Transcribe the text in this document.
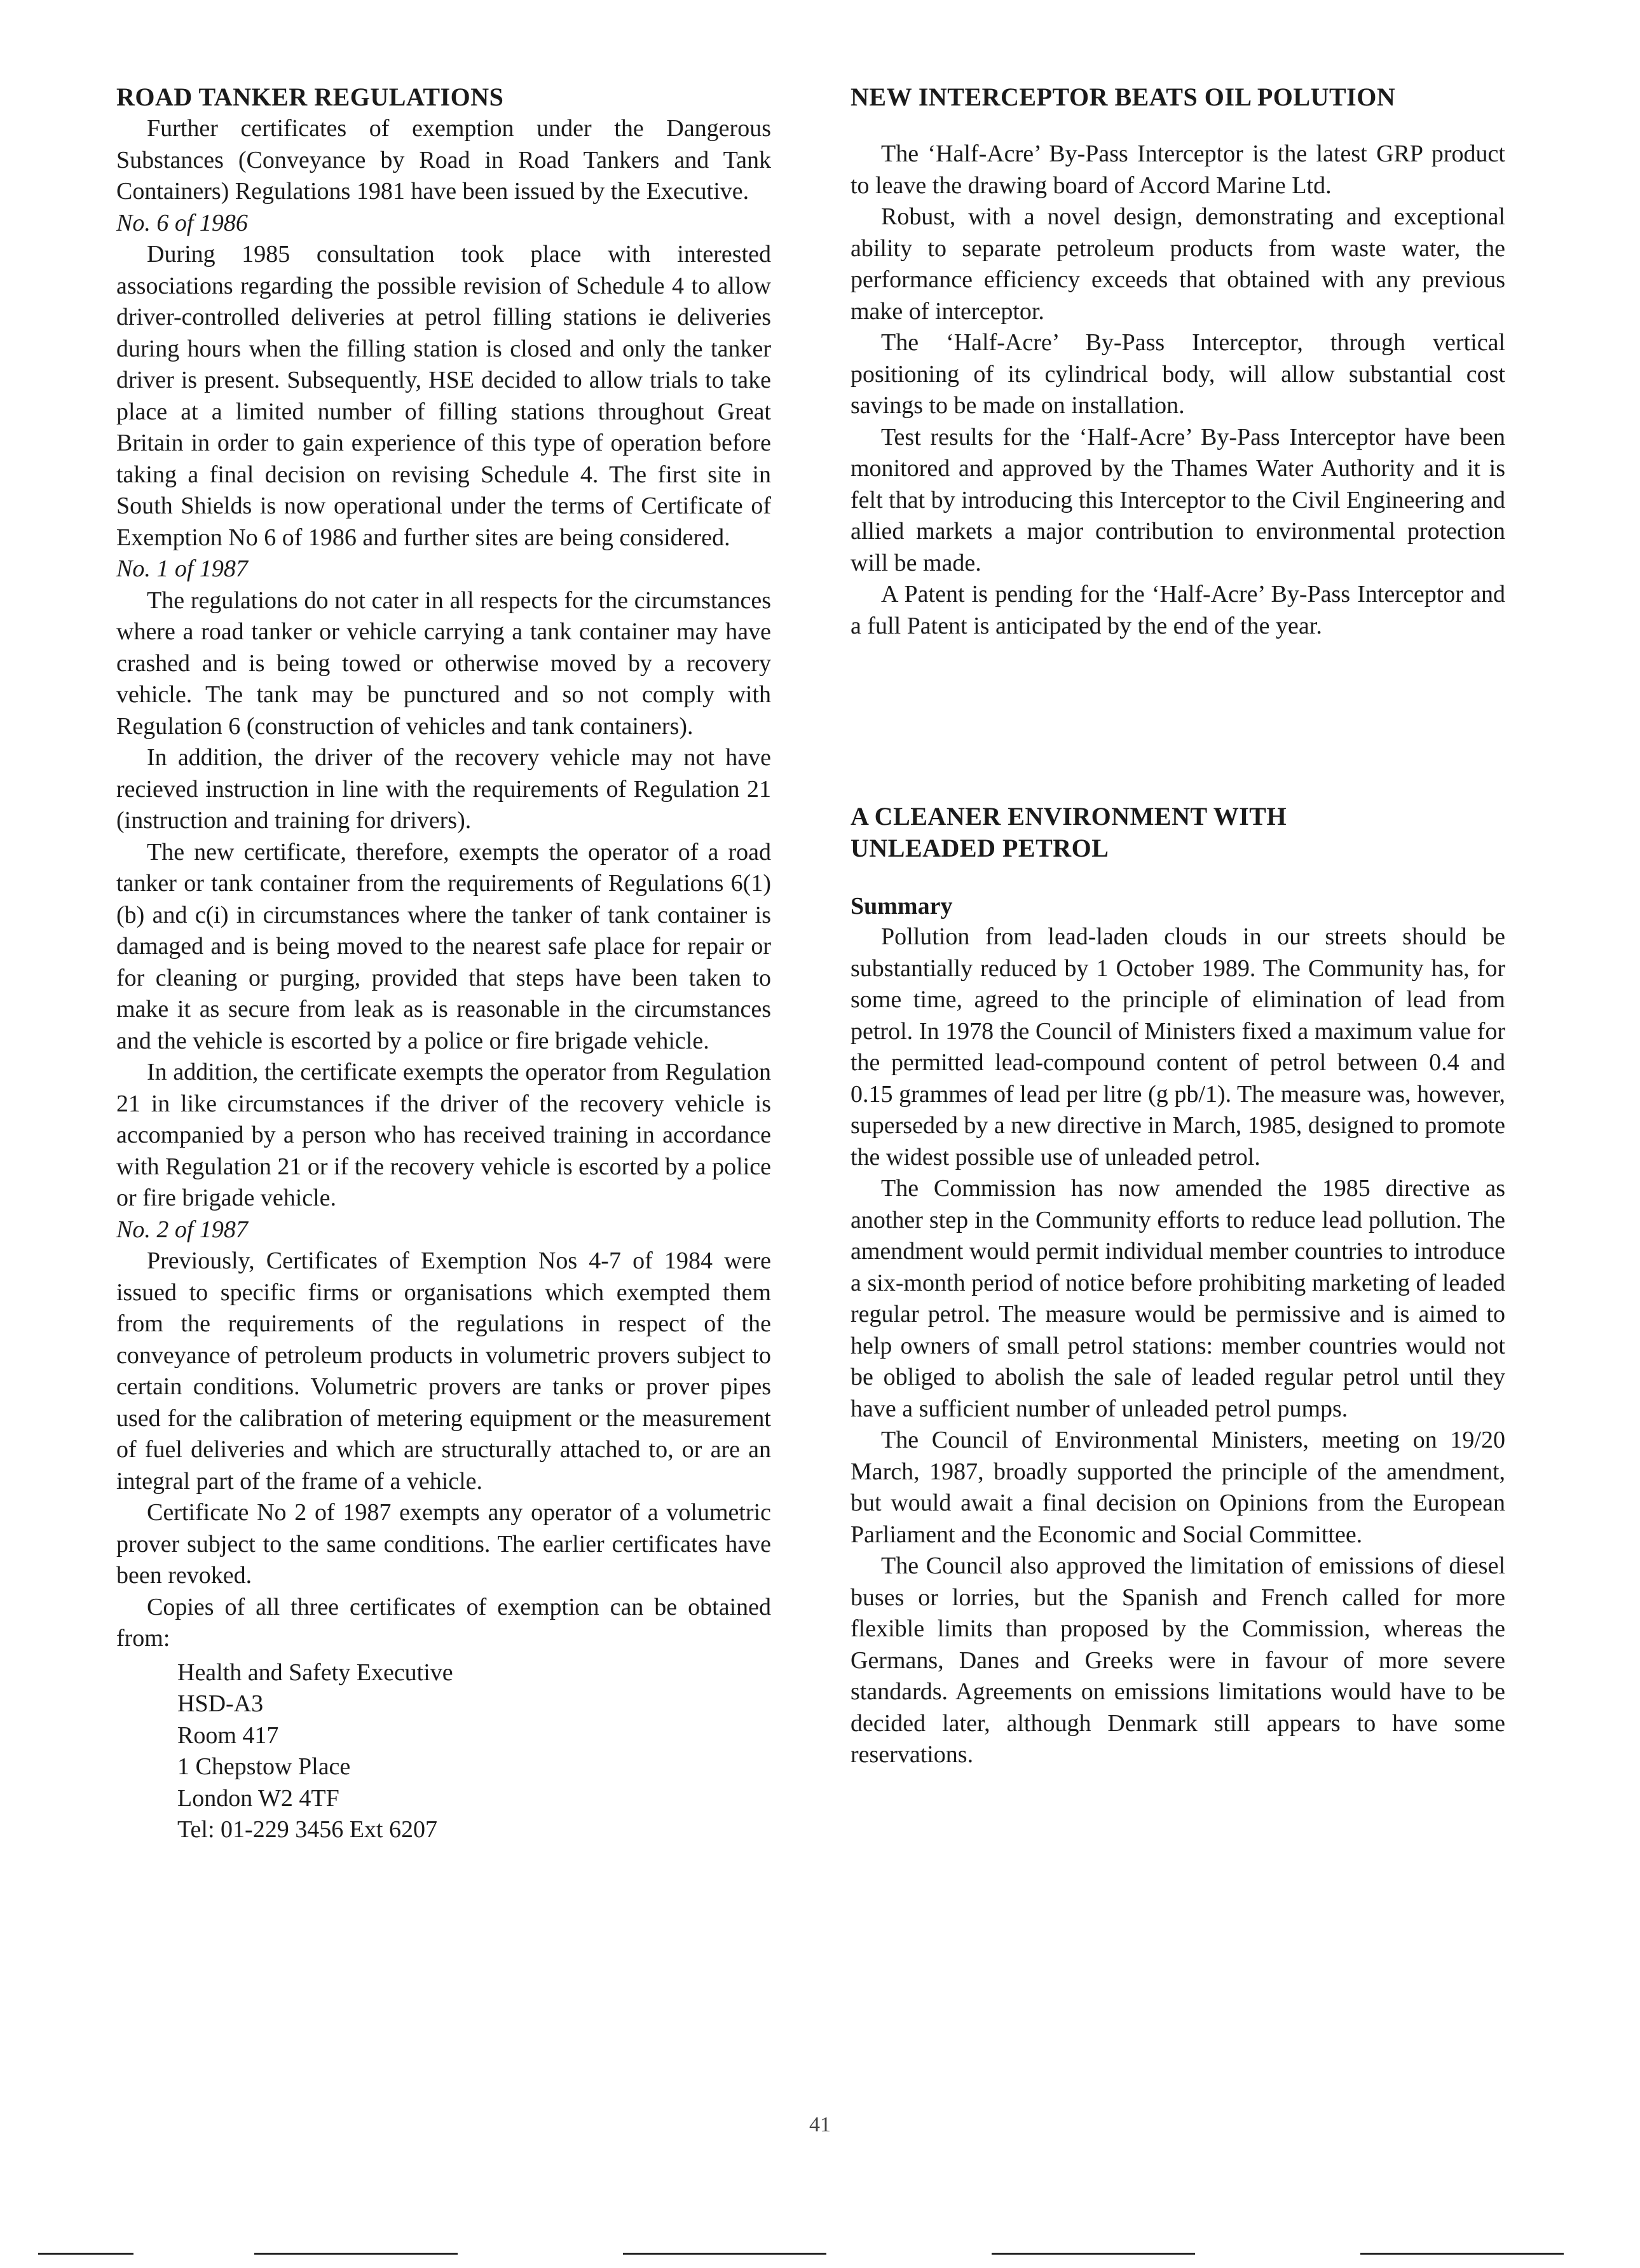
ROAD TANKER REGULATIONS

Further certificates of exemption under the Dangerous Substances (Conveyance by Road in Road Tankers and Tank Containers) Regulations 1981 have been issued by the Executive.

No. 6 of 1986

During 1985 consultation took place with interested associations regarding the possible revision of Schedule 4 to allow driver-controlled deliveries at petrol filling stations ie deliveries during hours when the filling station is closed and only the tanker driver is present. Subsequently, HSE decided to allow trials to take place at a limited number of filling stations throughout Great Britain in order to gain experience of this type of operation before taking a final decision on revising Schedule 4. The first site in South Shields is now operational under the terms of Certificate of Exemption No 6 of 1986 and further sites are being considered.

No. 1 of 1987

The regulations do not cater in all respects for the circumstances where a road tanker or vehicle carrying a tank container may have crashed and is being towed or otherwise moved by a recovery vehicle. The tank may be punctured and so not comply with Regulation 6 (construction of vehicles and tank containers).

In addition, the driver of the recovery vehicle may not have recieved instruction in line with the requirements of Regulation 21 (instruction and training for drivers).

The new certificate, therefore, exempts the operator of a road tanker or tank container from the requirements of Regulations 6(1)(b) and c(i) in circumstances where the tanker of tank container is damaged and is being moved to the nearest safe place for repair or for cleaning or purging, provided that steps have been taken to make it as secure from leak as is reasonable in the circumstances and the vehicle is escorted by a police or fire brigade vehicle.

In addition, the certificate exempts the operator from Regulation 21 in like circumstances if the driver of the recovery vehicle is accompanied by a person who has received training in accordance with Regulation 21 or if the recovery vehicle is escorted by a police or fire brigade vehicle.

No. 2 of 1987

Previously, Certificates of Exemption Nos 4-7 of 1984 were issued to specific firms or organisations which exempted them from the requirements of the regulations in respect of the conveyance of petroleum products in volumetric provers subject to certain conditions. Volumetric provers are tanks or prover pipes used for the calibration of metering equipment or the measurement of fuel deliveries and which are structurally attached to, or are an integral part of the frame of a vehicle.

Certificate No 2 of 1987 exempts any operator of a volumetric prover subject to the same conditions. The earlier certificates have been revoked.

Copies of all three certificates of exemption can be obtained from:

Health and Safety Executive
HSD-A3
Room 417
1 Chepstow Place
London W2 4TF
Tel: 01-229 3456 Ext 6207
NEW INTERCEPTOR BEATS OIL POLUTION

The ‘Half-Acre’ By-Pass Interceptor is the latest GRP product to leave the drawing board of Accord Marine Ltd.

Robust, with a novel design, demonstrating and exceptional ability to separate petroleum products from waste water, the performance efficiency exceeds that obtained with any previous make of interceptor.

The ‘Half-Acre’ By-Pass Interceptor, through vertical positioning of its cylindrical body, will allow substantial cost savings to be made on installation.

Test results for the ‘Half-Acre’ By-Pass Interceptor have been monitored and approved by the Thames Water Authority and it is felt that by introducing this Interceptor to the Civil Engineering and allied markets a major contribution to environmental protection will be made.

A Patent is pending for the ‘Half-Acre’ By-Pass Interceptor and a full Patent is anticipated by the end of the year.

A CLEANER ENVIRONMENT WITH
UNLEADED PETROL
Summary

Pollution from lead-laden clouds in our streets should be substantially reduced by 1 October 1989. The Community has, for some time, agreed to the principle of elimination of lead from petrol. In 1978 the Council of Ministers fixed a maximum value for the permitted lead-compound content of petrol between 0.4 and 0.15 grammes of lead per litre (g pb/1). The measure was, however, superseded by a new directive in March, 1985, designed to promote the widest possible use of unleaded petrol.

The Commission has now amended the 1985 directive as another step in the Community efforts to reduce lead pollution. The amendment would permit individual member countries to introduce a six-month period of notice before prohibiting marketing of leaded regular petrol. The measure would be permissive and is aimed to help owners of small petrol stations: member countries would not be obliged to abolish the sale of leaded regular petrol until they have a sufficient number of unleaded petrol pumps.

The Council of Environmental Ministers, meeting on 19/20 March, 1987, broadly supported the principle of the amendment, but would await a final decision on Opinions from the European Parliament and the Economic and Social Committee.

The Council also approved the limitation of emissions of diesel buses or lorries, but the Spanish and French called for more flexible limits than proposed by the Commission, whereas the Germans, Danes and Greeks were in favour of more severe standards. Agreements on emissions limitations would have to be decided later, although Denmark still appears to have some reservations.

41
